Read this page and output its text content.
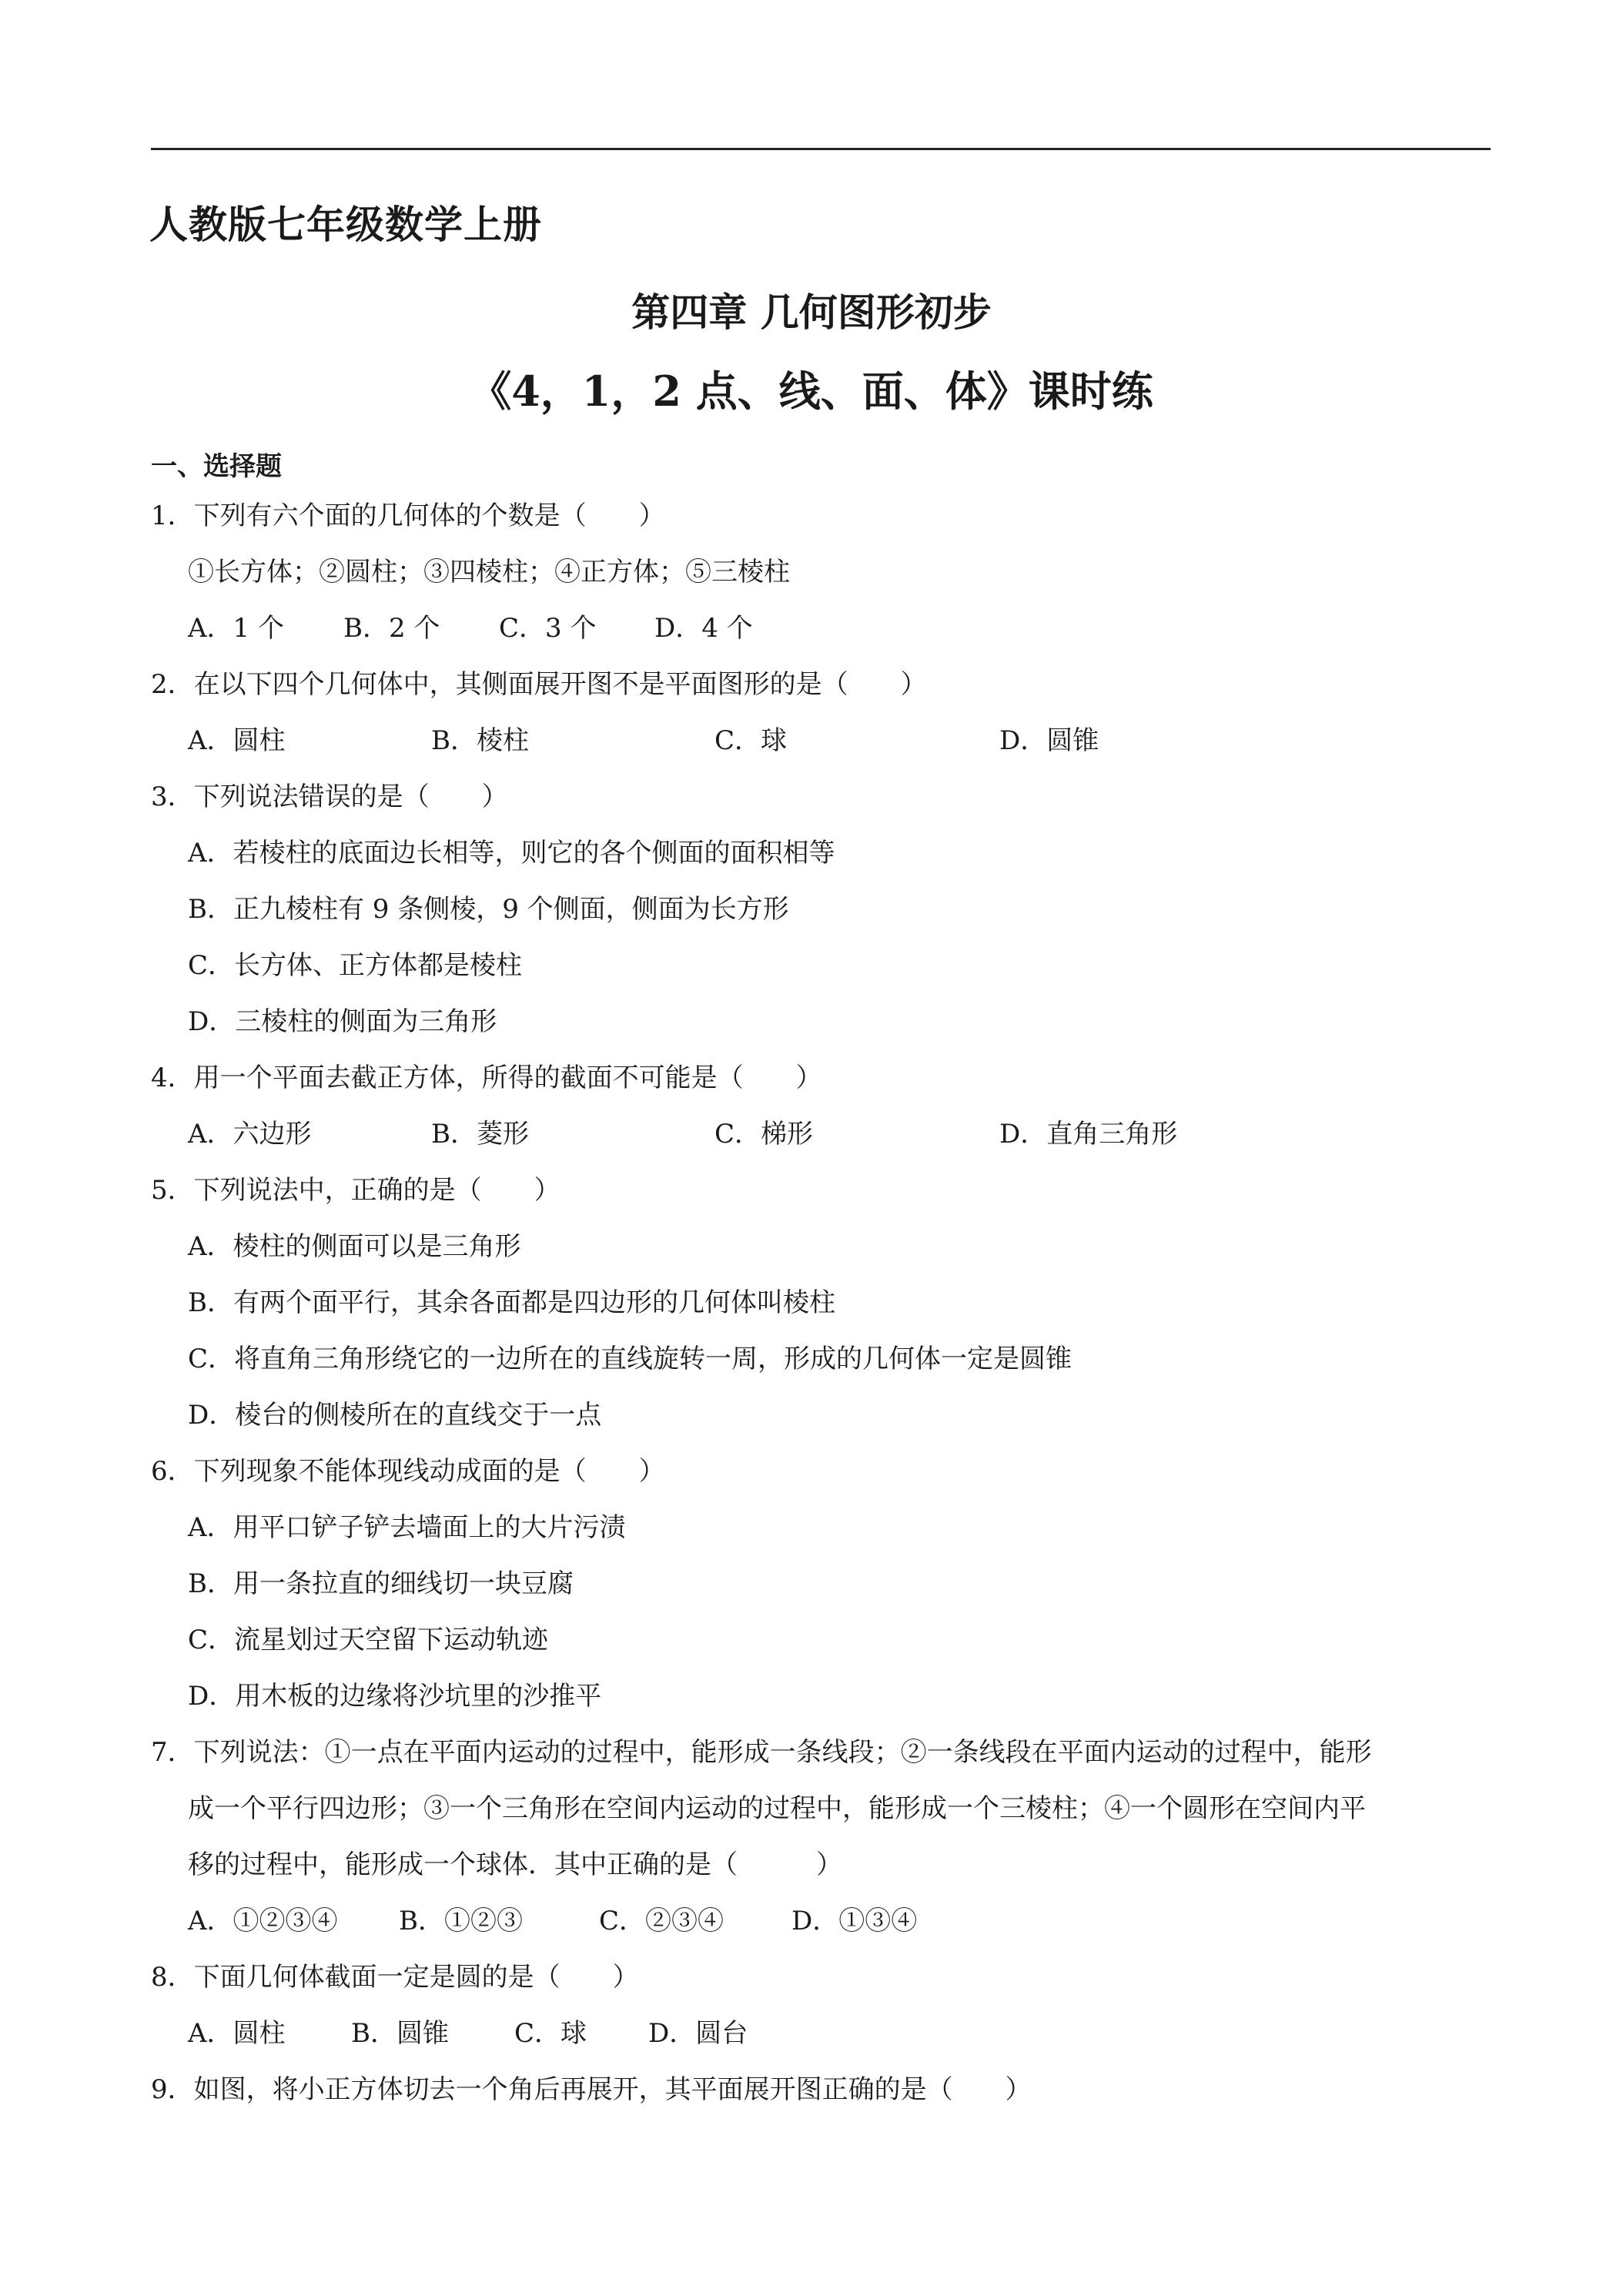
人教版七年级数学上册
第四章 几何图形初步
《4，1，2 点、线、面、体》课时练
一、选择题
1．下列有六个面的几何体的个数是（　　）
①长方体；②圆柱；③四棱柱；④正方体；⑤三棱柱
A．1 个 B．2 个 C．3 个 D．4 个
2．在以下四个几何体中，其侧面展开图不是平面图形的是（　　）
A．圆柱	B．棱柱	C．球	D．圆锥
3．下列说法错误的是（　　）
A．若棱柱的底面边长相等，则它的各个侧面的面积相等
B．正九棱柱有 9 条侧棱，9 个侧面，侧面为长方形
C．长方体、正方体都是棱柱
D．三棱柱的侧面为三角形
4．用一个平面去截正方体，所得的截面不可能是（　　）
A．六边形	B．菱形	C．梯形	D．直角三角形
5．下列说法中，正确的是（　　）
A．棱柱的侧面可以是三角形
B．有两个面平行，其余各面都是四边形的几何体叫棱柱
C．将直角三角形绕它的一边所在的直线旋转一周，形成的几何体一定是圆锥
D．棱台的侧棱所在的直线交于一点
6．下列现象不能体现线动成面的是（　　）
A．用平口铲子铲去墙面上的大片污渍
B．用一条拉直的细线切一块豆腐
C．流星划过天空留下运动轨迹
D．用木板的边缘将沙坑里的沙推平
7．下列说法：①一点在平面内运动的过程中，能形成一条线段；②一条线段在平面内运动的过程中，能形
成一个平行四边形；③一个三角形在空间内运动的过程中，能形成一个三棱柱；④一个圆形在空间内平
移的过程中，能形成一个球体．其中正确的是（　　　）
A．①②③④ B．①②③	C．②③④	D．①③④
8．下面几何体截面一定是圆的是（　　）
A．圆柱	B．圆锥	C．球 D．圆台
9．如图，将小正方体切去一个角后再展开，其平面展开图正确的是（　　）
